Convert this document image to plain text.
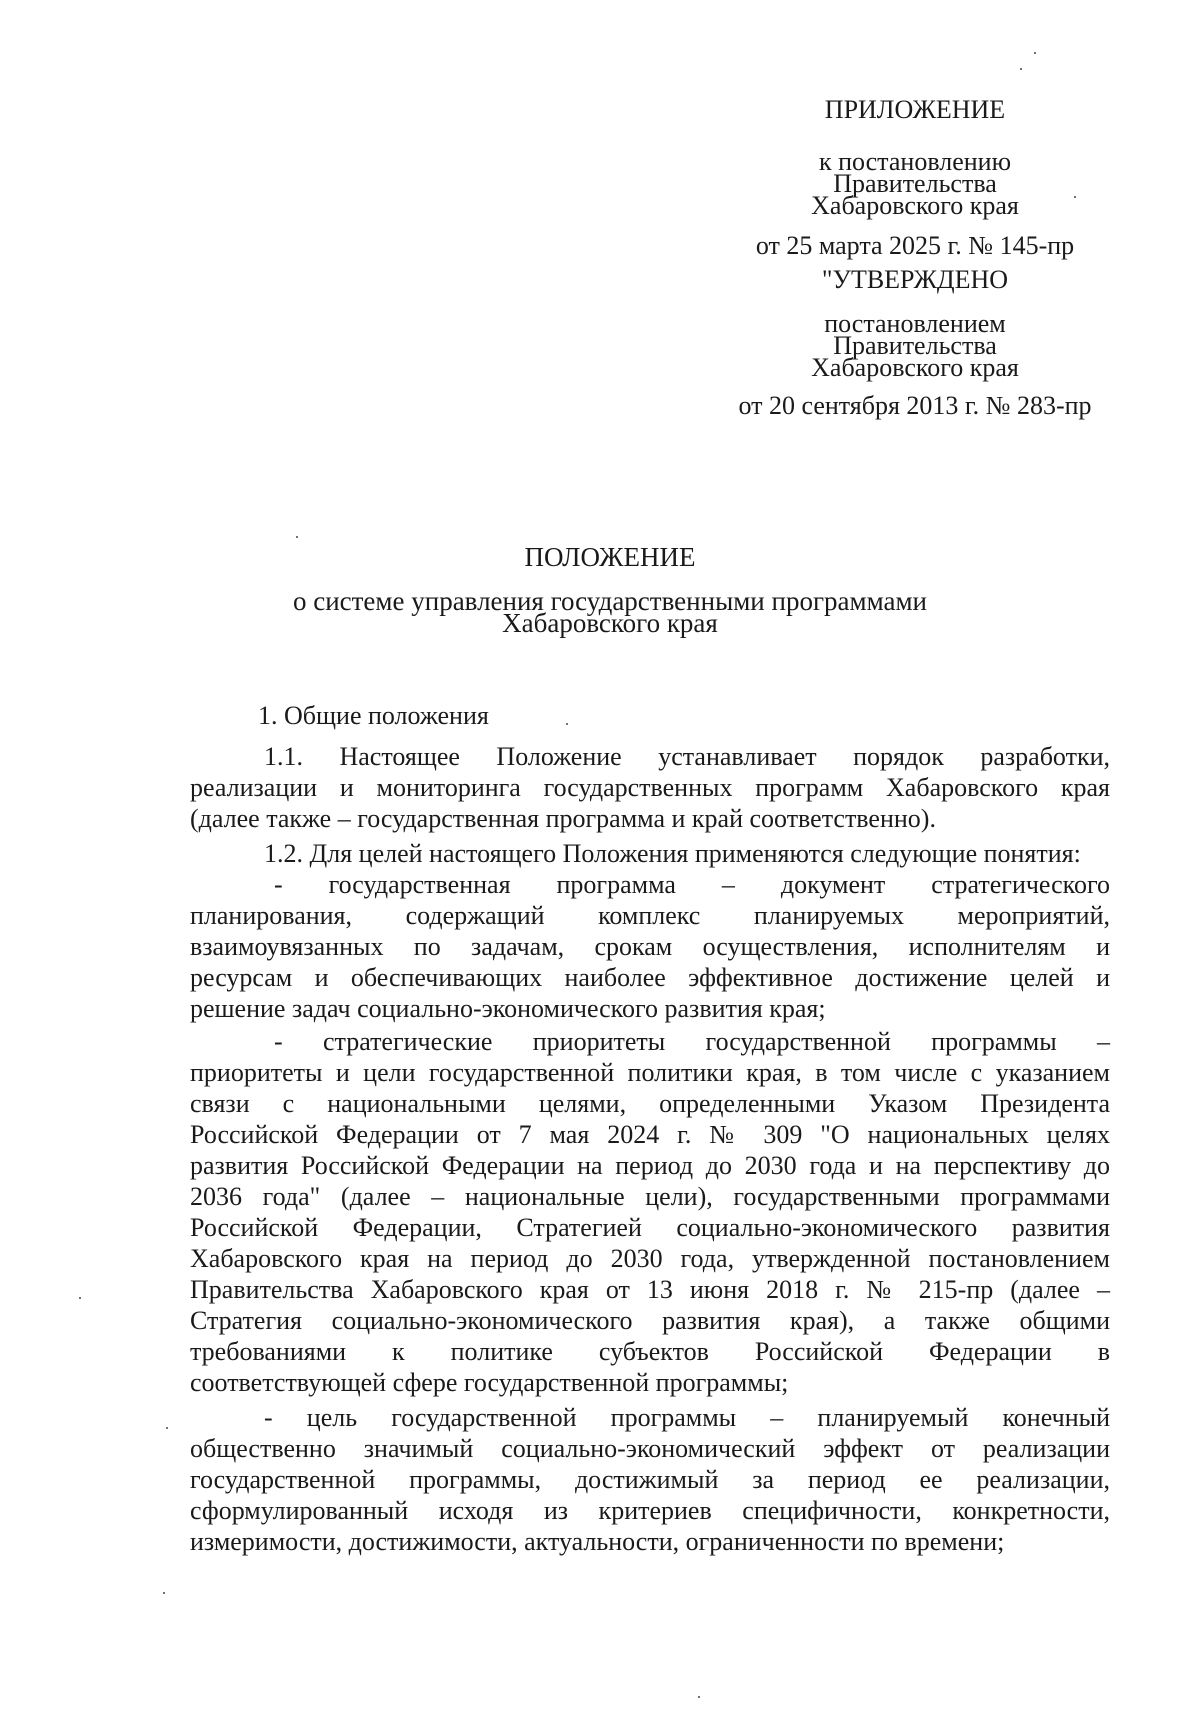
ПРИЛОЖЕНИЕ
к постановлению
Правительства
Хабаровского края
от 25 марта 2025 г. № 145-пр
"УТВЕРЖДЕНО
постановлением
Правительства
Хабаровского края
от 20 сентября 2013 г. № 283-пр
ПОЛОЖЕНИЕ
о системе управления государственными программами
Хабаровского края
1. Общие положения
1.1. Настоящее Положение устанавливает порядок разработки,
реализации и мониторинга государственных программ Хабаровского края
(далее также – государственная программа и край соответственно).
1.2. Для целей настоящего Положения применяются следующие понятия:
- государственная программа – документ стратегического
планирования, содержащий комплекс планируемых мероприятий,
взаимоувязанных по задачам, срокам осуществления, исполнителям и
ресурсам и обеспечивающих наиболее эффективное достижение целей и
решение задач социально-экономического развития края;
- стратегические приоритеты государственной программы –
приоритеты и цели государственной политики края, в том числе с указанием
связи с национальными целями, определенными Указом Президента
Российской Федерации от 7 мая 2024 г. № 309 "О национальных целях
развития Российской Федерации на период до 2030 года и на перспективу до
2036 года" (далее – национальные цели), государственными программами
Российской Федерации, Стратегией социально-экономического развития
Хабаровского края на период до 2030 года, утвержденной постановлением
Правительства Хабаровского края от 13 июня 2018 г. № 215-пр (далее –
Стратегия социально-экономического развития края), а также общими
требованиями к политике субъектов Российской Федерации в
соответствующей сфере государственной программы;
- цель государственной программы – планируемый конечный
общественно значимый социально-экономический эффект от реализации
государственной программы, достижимый за период ее реализации,
сформулированный исходя из критериев специфичности, конкретности,
измеримости, достижимости, актуальности, ограниченности по времени;
